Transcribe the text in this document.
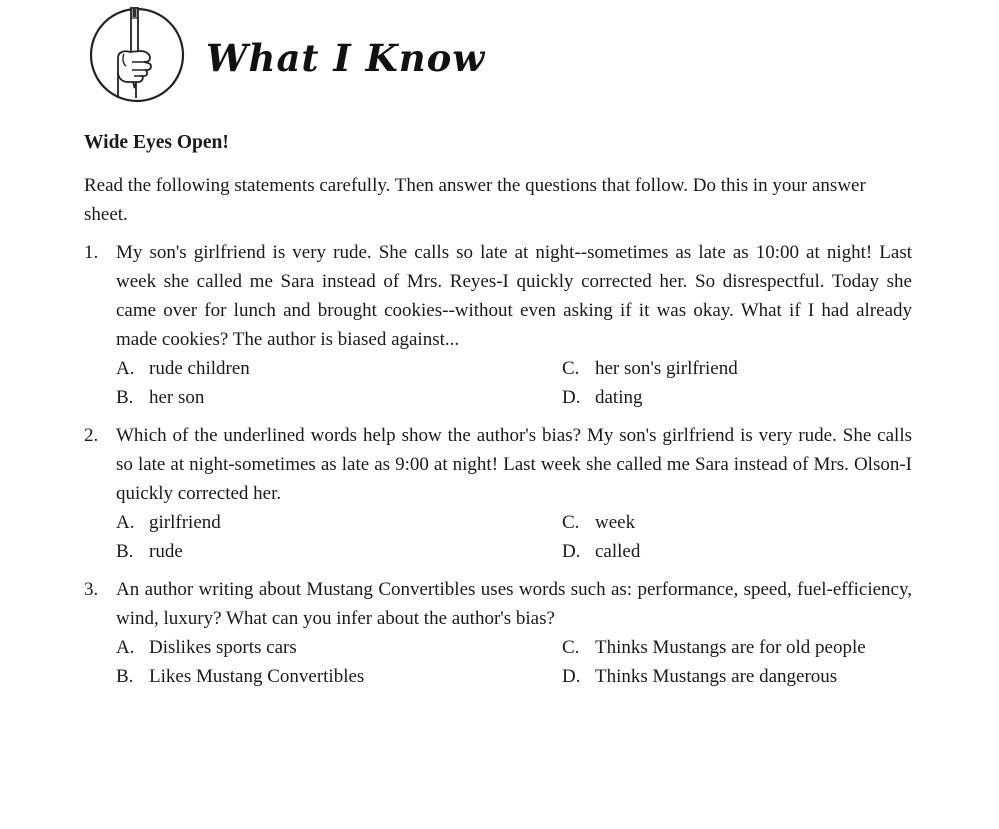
What I Know
Wide Eyes Open!
Read the following statements carefully. Then answer the questions that follow. Do this in your answer sheet.
1. My son's girlfriend is very rude. She calls so late at night--sometimes as late as 10:00 at night! Last week she called me Sara instead of Mrs. Reyes-I quickly corrected her. So disrespectful. Today she came over for lunch and brought cookies--without even asking if it was okay. What if I had already made cookies? The author is biased against...
A. rude children	C. her son's girlfriend
B. her son	D. dating
2. Which of the underlined words help show the author's bias? My son's girlfriend is very rude. She calls so late at night-sometimes as late as 9:00 at night! Last week she called me Sara instead of Mrs. Olson-I quickly corrected her.
A. girlfriend	C. week
B. rude	D. called
3. An author writing about Mustang Convertibles uses words such as: performance, speed, fuel-efficiency, wind, luxury? What can you infer about the author's bias?
A. Dislikes sports cars	C. Thinks Mustangs are for old people
B. Likes Mustang Convertibles	D. Thinks Mustangs are dangerous
